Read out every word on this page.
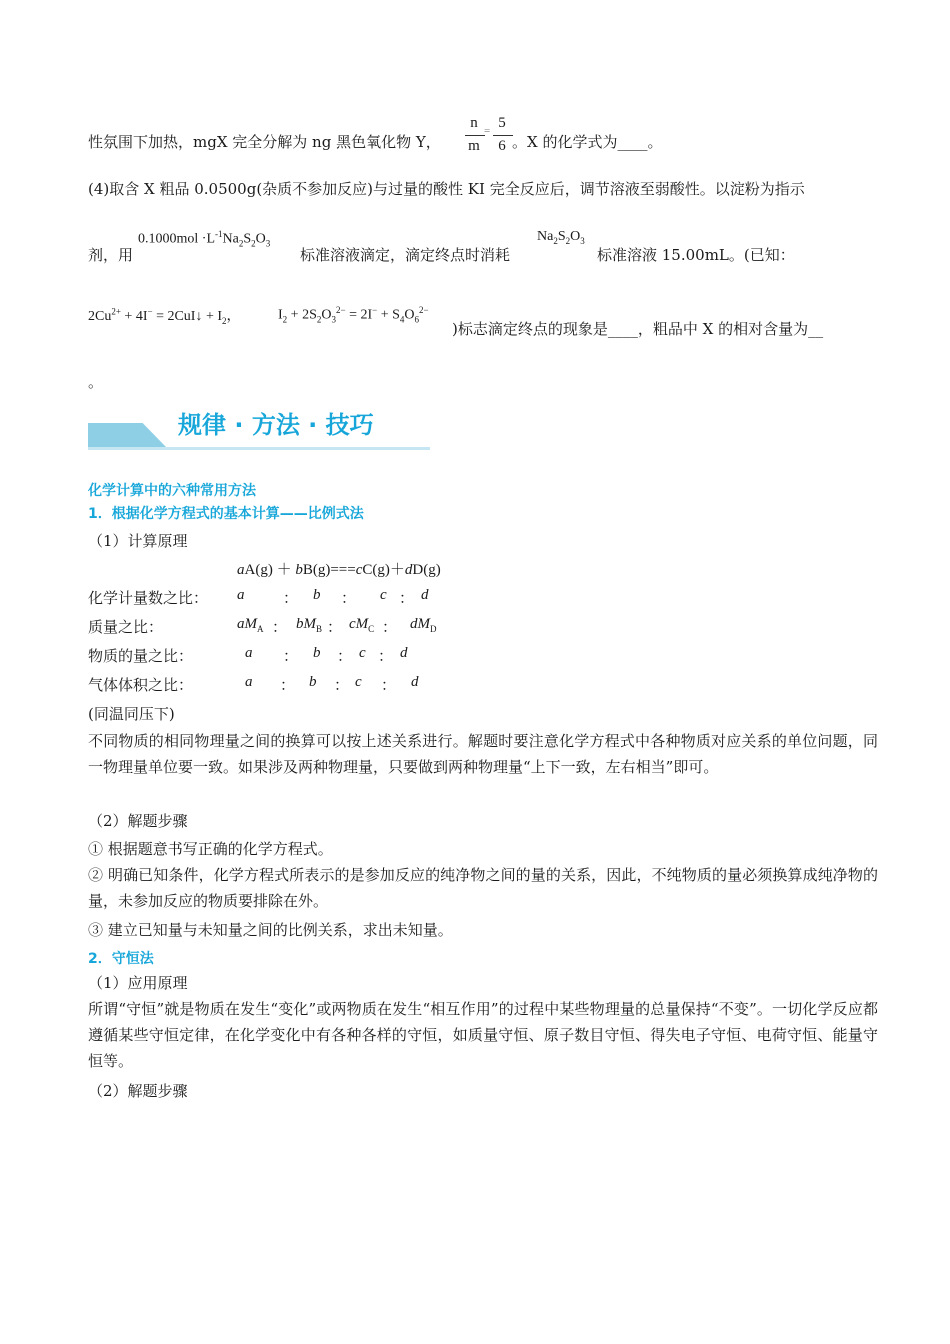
性氛围下加热，mgX 完全分解为 ng 黑色氧化物 Y，
n
m
= 5
6 。X 的化学式为____。
(4)取含 X 粗品 0.0500g(杂质不参加反应)与过量的酸性 KI 完全反应后，调节溶液至弱酸性。以淀粉为指示
剂，用
$0.1000mol \cdot L^{-1}Na_2S_2O_3$
标准溶液滴定，滴定终点时消耗
$Na_2S_2O_3$
标准溶液 15.00mL。(已知：
$2Cu^{2+} + 4I^-$ = 2CuI↓ + $I_2$，	$I_2 + 2S_2O_3^{2-} = 2I^- + S_4O_6^{2-}$
)标志滴定终点的现象是____，粗品中 X 的相对含量为__
。
规律 · 方法 · 技巧
化学计算中的六种常用方法
1．根据化学方程式的基本计算——比例式法
（1）计算原理
aA(g) ＋ bB(g)===cC(g)＋dD(g)
化学计量数之比： a	： b ： c ： d
质量之比：	$aM_A$ ： $bM_B$ ： $cM_C$ ： $dM_D$
物质的量之比：	a ： b ： c ： d
气体体积之比：	a ： b ： c ： d
(同温同压下)
不同物质的相同物理量之间的换算可以按上述关系进行。解题时要注意化学方程式中各种物质对应关系的单位问题，同一物理量单位要一致。如果涉及两种物理量，只要做到两种物理量“上下一致，左右相当”即可。
（2）解题步骤
① 根据题意书写正确的化学方程式。
② 明确已知条件，化学方程式所表示的是参加反应的纯净物之间的量的关系，因此，不纯物质的量必须换算成纯净物的量，未参加反应的物质要排除在外。
③ 建立已知量与未知量之间的比例关系，求出未知量。
2．守恒法
（1）应用原理
所谓“守恒”就是物质在发生“变化”或两物质在发生“相互作用”的过程中某些物理量的总量保持“不变”。一切化学反应都遵循某些守恒定律，在化学变化中有各种各样的守恒，如质量守恒、原子数目守恒、得失电子守恒、电荷守恒、能量守恒等。
（2）解题步骤
